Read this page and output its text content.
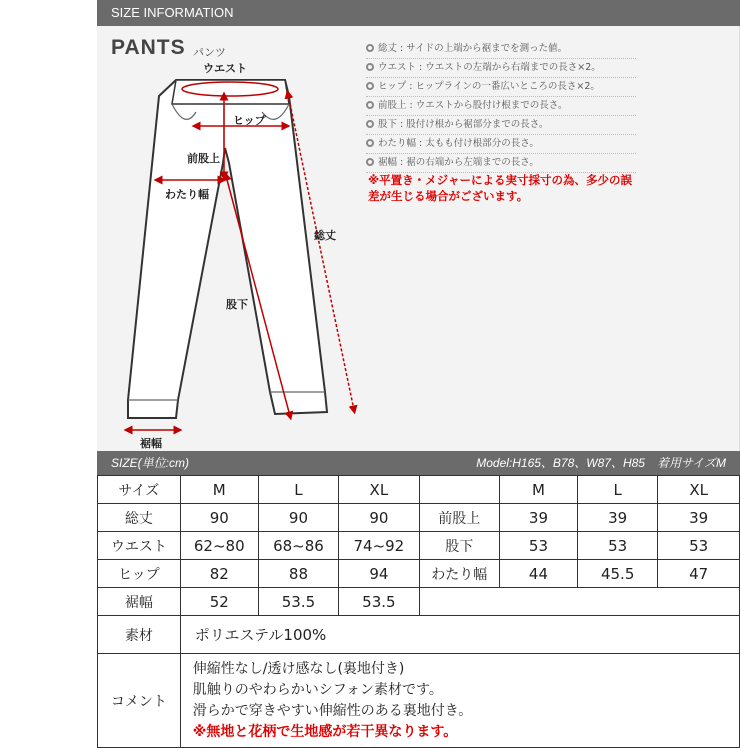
SIZE INFORMATION
PANTS パンツ
ウエスト
ヒップ
前股上
わたり幅
総丈
股下
裾幅
総丈 : サイドの上端から裾までを測った値。
ウエスト : ウエストの左端から右端までの長さ×2。
ヒップ : ヒップラインの一番広いところの長さ×2。
前股上 : ウエストから股付け根までの長さ。
股下 : 股付け根から裾部分までの長さ。
わたり幅 : 太もも付け根部分の長さ。
裾幅 : 裾の右端から左端までの長さ。
※平置き・メジャーによる実寸採寸の為、多少の誤差が生じる場合がございます。
SIZE(単位:cm)	Model:H165、B78、W87、H85　着用サイズM
サイズ	M	L	XL		M	L	XL
総丈	90	90	90	前股上	39	39	39
ウエスト	62~80	68~86	74~92	股下	53	53	53
ヒップ	82	88	94	わたり幅	44	45.5	47
裾幅	52	53.5	53.5				
素材	ポリエステル100%						
コメント	伸縮性なし/透け感なし(裏地付き)
肌触りのやわらかいシフォン素材です。
滑らかで穿きやすい伸縮性のある裏地付き。
※無地と花柄で生地感が若干異なります。						
